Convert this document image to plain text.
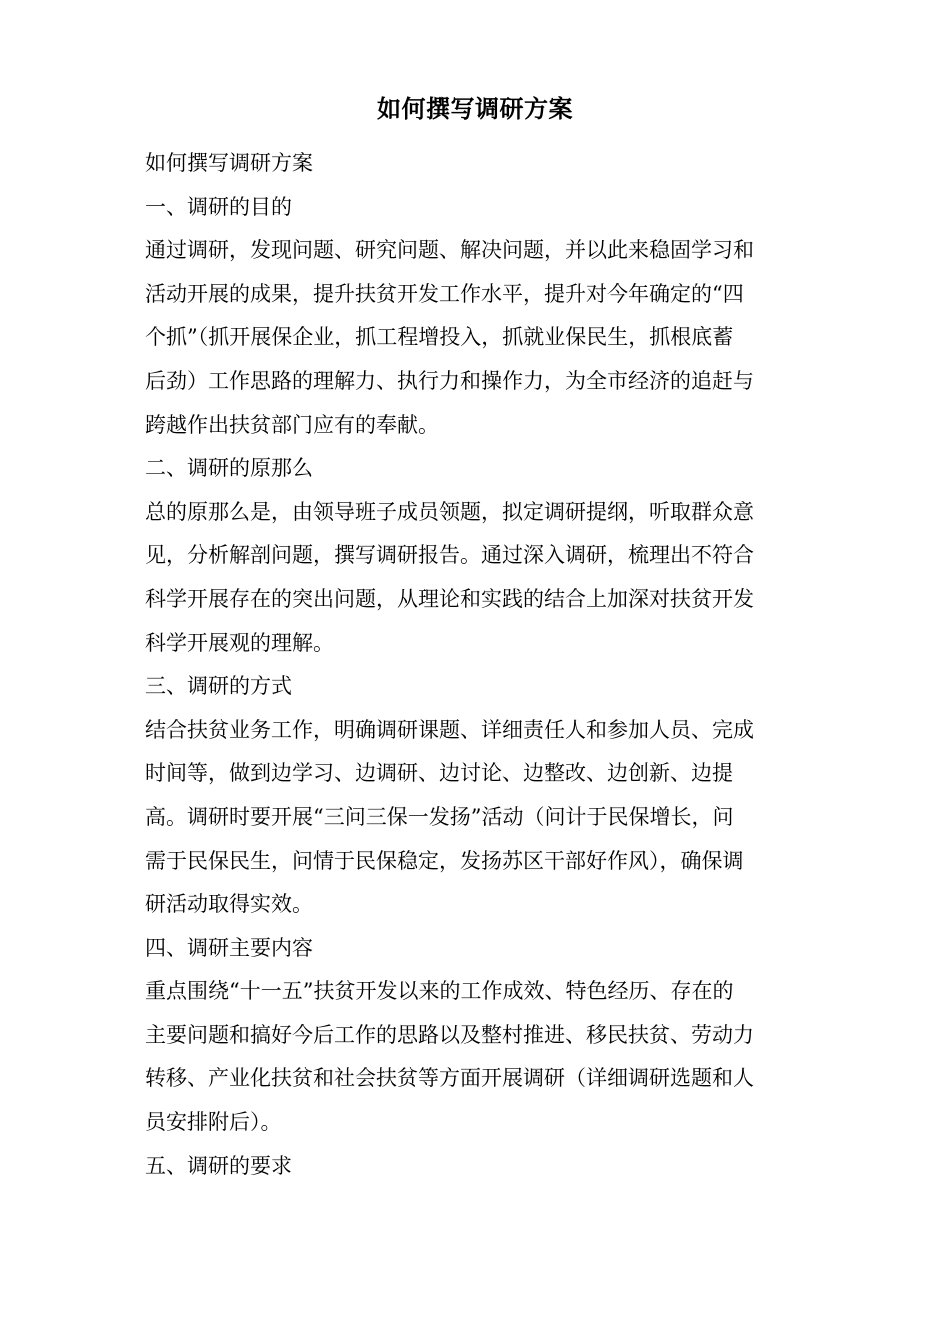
如何撰写调研方案
如何撰写调研方案
一、调研的目的
通过调研，发现问题、研究问题、解决问题，并以此来稳固学习和
活动开展的成果，提升扶贫开发工作水平，提升对今年确定的“四
个抓”（抓开展保企业，抓工程增投入，抓就业保民生，抓根底蓄
后劲）工作思路的理解力、执行力和操作力，为全市经济的追赶与
跨越作出扶贫部门应有的奉献。
二、调研的原那么
总的原那么是，由领导班子成员领题，拟定调研提纲，听取群众意
见，分析解剖问题，撰写调研报告。通过深入调研，梳理出不符合
科学开展存在的突出问题，从理论和实践的结合上加深对扶贫开发
科学开展观的理解。
三、调研的方式
结合扶贫业务工作，明确调研课题、详细责任人和参加人员、完成
时间等，做到边学习、边调研、边讨论、边整改、边创新、边提
高。调研时要开展“三问三保一发扬”活动（问计于民保增长，问
需于民保民生，问情于民保稳定，发扬苏区干部好作风），确保调
研活动取得实效。
四、调研主要内容
重点围绕“十一五”扶贫开发以来的工作成效、特色经历、存在的
主要问题和搞好今后工作的思路以及整村推进、移民扶贫、劳动力
转移、产业化扶贫和社会扶贫等方面开展调研（详细调研选题和人
员安排附后）。
五、调研的要求
